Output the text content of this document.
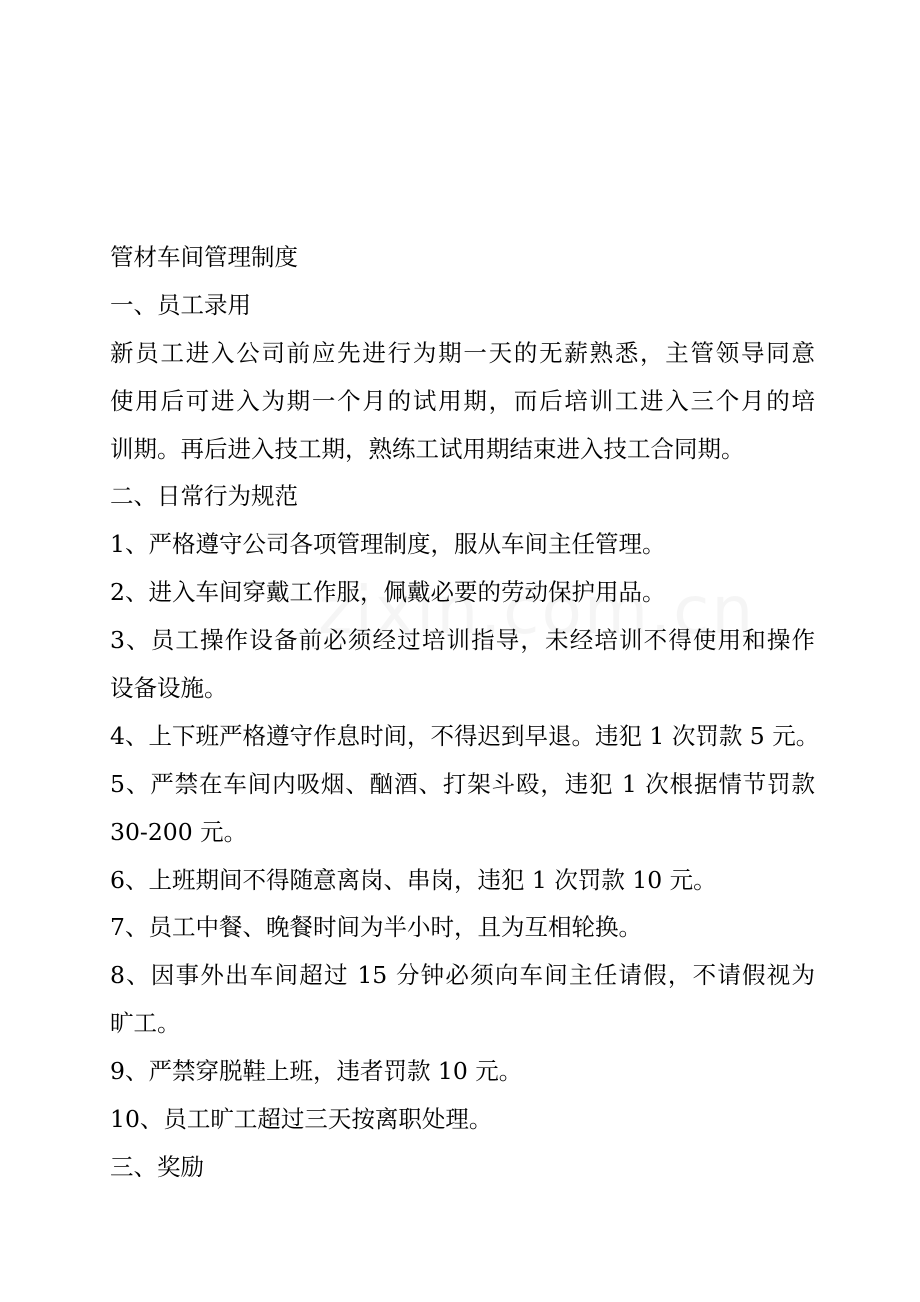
管材车间管理制度
一、员工录用
新员工进入公司前应先进行为期一天的无薪熟悉，主管领导同意
使用后可进入为期一个月的试用期，而后培训工进入三个月的培
训期。再后进入技工期，熟练工试用期结束进入技工合同期。
二、日常行为规范
1、严格遵守公司各项管理制度，服从车间主任管理。
2、进入车间穿戴工作服，佩戴必要的劳动保护用品。
3、员工操作设备前必须经过培训指导，未经培训不得使用和操作
设备设施。
4、上下班严格遵守作息时间，不得迟到早退。违犯 1 次罚款 5 元。
5、严禁在车间内吸烟、酗酒、打架斗殴，违犯 1 次根据情节罚款
30-200 元。
6、上班期间不得随意离岗、串岗，违犯 1 次罚款 10 元。
7、员工中餐、晚餐时间为半小时，且为互相轮换。
8、因事外出车间超过 15 分钟必须向车间主任请假，不请假视为
旷工。
9、严禁穿脱鞋上班，违者罚款 10 元。
10、员工旷工超过三天按离职处理。
三、奖励
